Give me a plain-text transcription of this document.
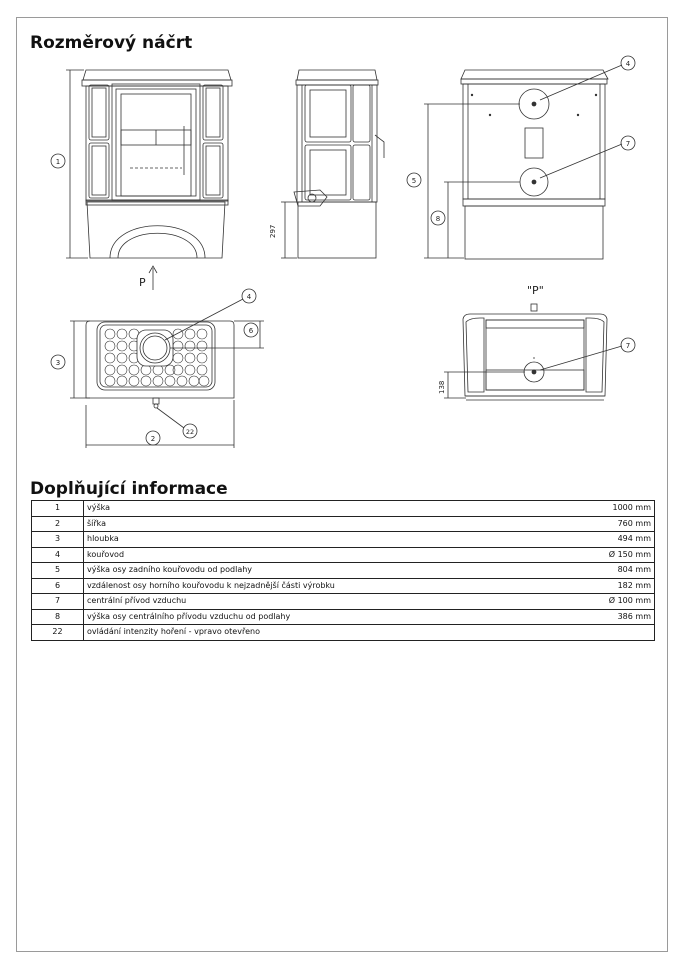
Rozměrový náčrt
P
1
297
4
7
5
8
4
6
3
2
22
"P"
138
7
Doplňující informace
1	výška	1000 mm
2	šířka	760 mm
3	hloubka	494 mm
4	kouřovod	Ø 150 mm
5	výška osy zadního kouřovodu od podlahy	804 mm
6	vzdálenost osy horního kouřovodu k nejzadnější části výrobku	182 mm
7	centrální přívod vzduchu	Ø 100 mm
8	výška osy centrálního přívodu vzduchu od podlahy	386 mm
22	ovládání intenzity hoření - vpravo otevřeno	
